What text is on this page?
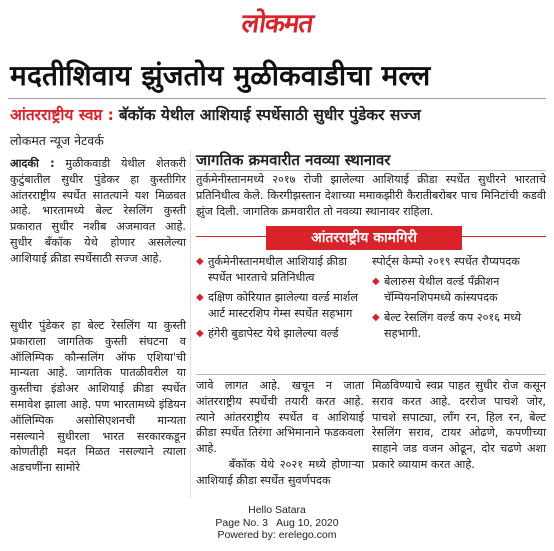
लोकमत
मदतीशिवाय झुंजतोय मुळीकवाडीचा मल्ल
आंतरराष्ट्रीय स्वप्न : बॅकॉक येथील आशियाई स्पर्धेसाठी सुधीर पुंडेकर सज्ज
लोकमत न्यूज नेटवर्क
आदकी : मुळीकवाडी येथील शेतकरी कुटुंबातील सुधीर पुंडेकर हा कुस्तीगिर आंतरराष्ट्रीय स्पर्धेत सातत्याने यश मिळवत आहे. भारतामध्ये बेल्ट रेसलिंग कुस्ती प्रकारात सुधीर नशीब अजमावत आहे. सुधीर बँकॉक येथे होणार असलेल्या आशियाई क्रीडा स्पर्धेसाठी सज्ज आहे.
सुधीर पुंडेकर हा बेल्ट रेसलिंग या कुस्ती प्रकाराला जागतिक कुस्ती संघटना व ऑलिम्पिक कौन्सलिंग ऑफ एशिया'ची मान्यता आहे. जागतिक पातळीवरील या कुस्तीचा इंडोअर आशियाई क्रीडा स्पर्धेत समावेश झाला आहे. पण भारतामध्ये इंडियन ऑलिम्पिक असोसिएशनची मान्यता नसल्याने सुधीरला भारत सरकारकडून कोणतीही मदत मिळत नसल्याने त्याला अडचणींना सामोरे
जागतिक क्रमवारीत नवव्या स्थानावर
तुर्कमेनीस्तानमध्ये २०१७ रोजी झालेल्या आशियाई क्रीडा स्पर्धेत सुधीरने भारताचे प्रतिनिधीत्व केले. किरगीझस्तान देशाच्या ममाकझीरी कैरातीबरोबर पाच मिनिटांची कडवी झुंज दिली. जागतिक क्रमवारीत तो नवव्या स्थानावर राहिला.
आंतरराष्ट्रीय कामगिरी
◆ तुर्कमेनीस्तानमधील आशियाई क्रीडा स्पर्धेत भारताचे प्रतिनिधीत्व
◆ दक्षिण कोरियात झालेल्या वर्ल्ड मार्शल आर्ट मास्टरशिप गेम्स स्पर्धेत सहभाग
◆ हंगेरी बुडापेस्ट येथे झालेल्या वर्ल्ड
स्पोर्ट्स केम्पो २०१९ स्पर्धेत रौप्यपदक
◆ बेलारुस येथील वर्ल्ड पॅंक्रीशन चॅम्पियनशिपमध्ये कांस्यपदक
◆ बेल्ट रेसलिंग वर्ल्ड कप २०१६ मध्ये सहभागी.
जावे लागत आहे. खचून न जाता आंतरराष्ट्रीय स्पर्धेची तयारी करत आहे. त्याने आंतरराष्ट्रीय स्पर्धेत व आशियाई क्रीडा स्पर्धेत तिरंगा अभिमानाने फडकवला आहे.
बँकॉक येथे २०२१ मध्ये होणाऱ्या आशियाई क्रीडा स्पर्धेत सुवर्णपदक
मिळविण्याचे स्वप्न पाहत सुधीर रोज कसून सराव करत आहे. दररोज पाचशे जोर, पाचशे सपाट्या, लाँग रन, हिल रन, बेल्ट रेसलिंग सराव, टायर ओढणे, कपणीच्या साहाने जड वजन ओढून, दोर चढणे अशा प्रकारे व्यायाम करत आहे.
Hello Satara
Page No. 3   Aug 10, 2020
Powered by: erelego.com
